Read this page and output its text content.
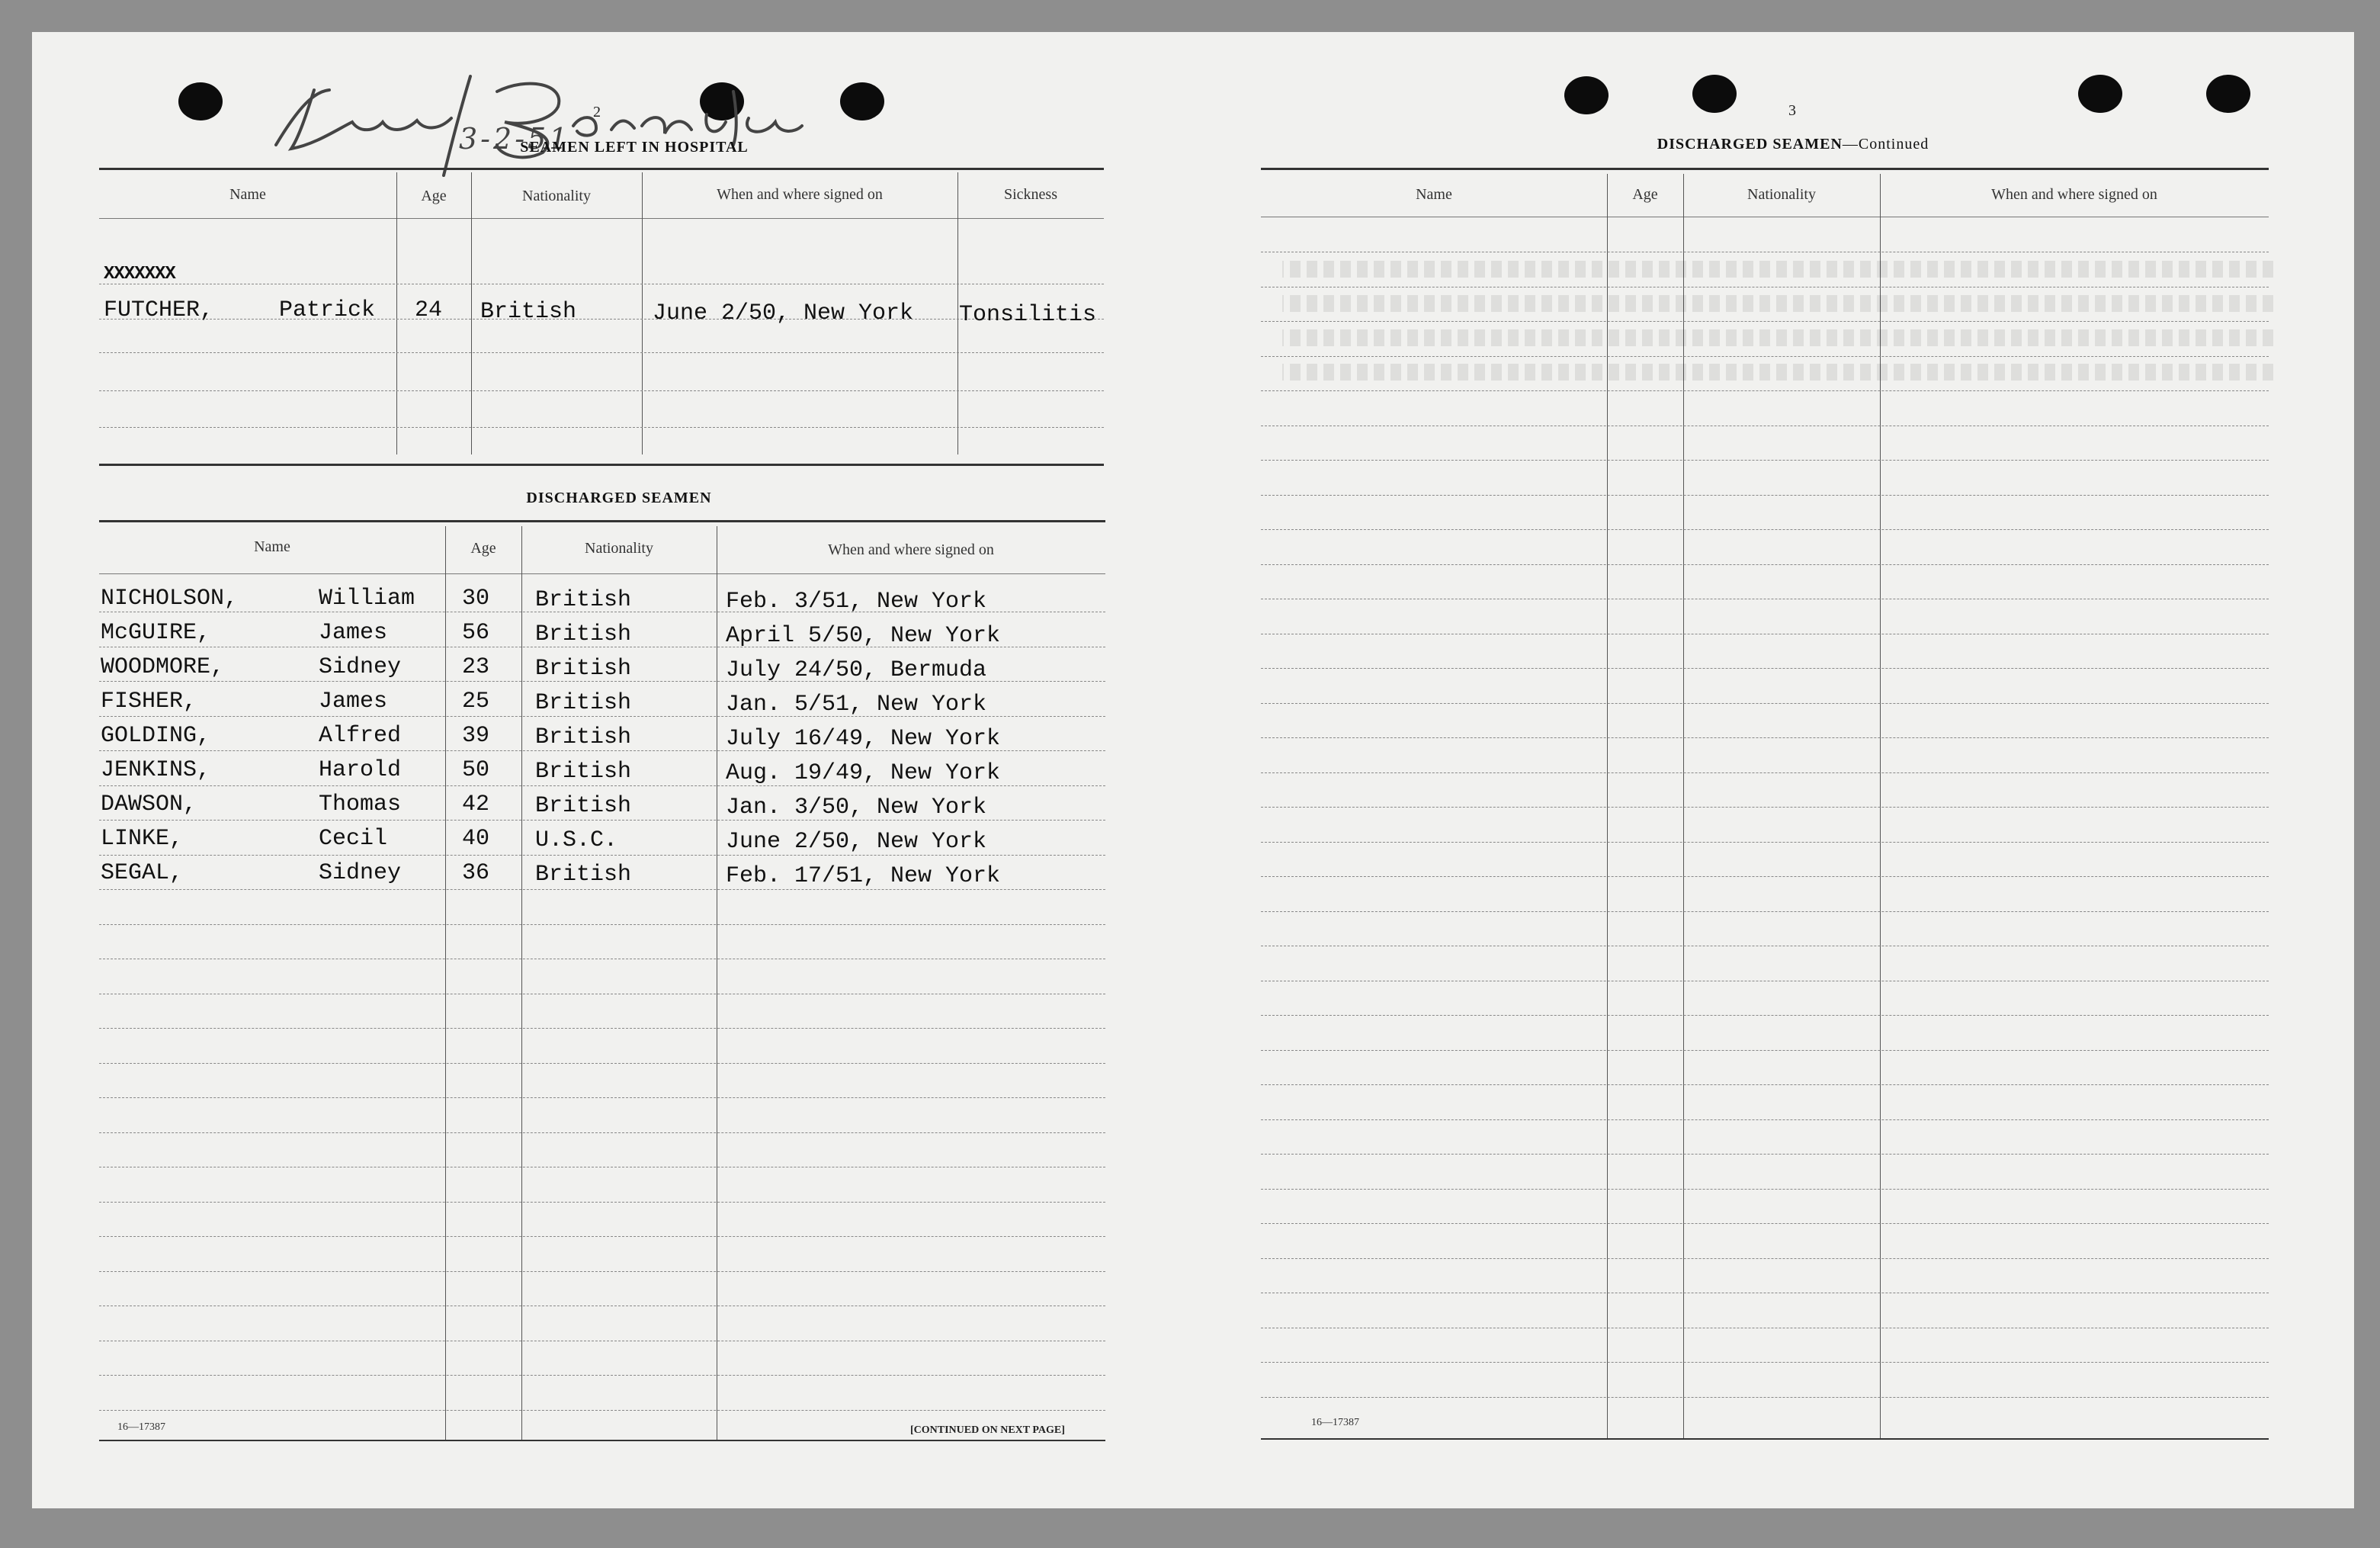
3-2-51
2
SEAMEN LEFT IN HOSPITAL
Name	Age	Nationality	When and where signed on	Sickness
XXXXXXX
FUTCHER,	Patrick 24 British	June 2/50, New York Tonsilitis
DISCHARGED SEAMEN
Name	Age	Nationality	When and where signed on
NICHOLSON,	William 30 British	Feb. 3/51, New York
McGUIRE,	James	56 British	April 5/50, New York
WOODMORE,	Sidney	23 British	July 24/50, Bermuda
FISHER,	James	25 British	Jan. 5/51, New York
GOLDING,	Alfred	39 British	July 16/49, New York
JENKINS,	Harold	50 British	Aug. 19/49, New York
DAWSON,	Thomas	42 British	Jan. 3/50, New York
LINKE,	Cecil	40 U.S.C.	June 2/50, New York
SEGAL,	Sidney	36 British	Feb. 17/51, New York
16—17387	[CONTINUED ON NEXT PAGE]
3
DISCHARGED SEAMEN—Continued
Name	Age	Nationality	When and where signed on
16—17387
